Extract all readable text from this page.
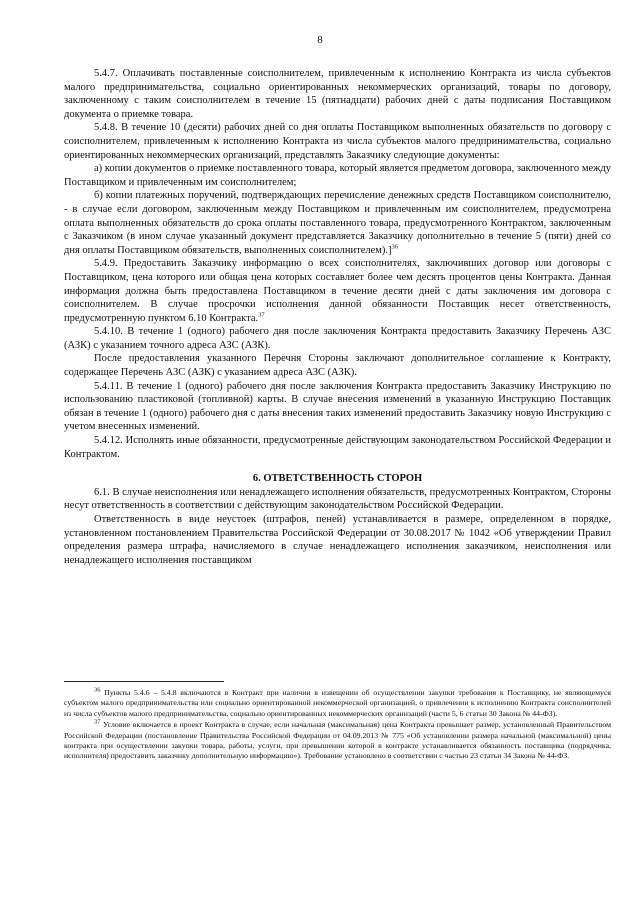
8

5.4.7. Оплачивать поставленные соисполнителем, привлеченным к исполнению Контракта из числа субъектов малого предпринимательства, социально ориентированных некоммерческих организаций, товары по договору, заключенному с таким соисполнителем в течение 15 (пятнадцати) рабочих дней с даты подписания Поставщиком документа о приемке товара.

5.4.8. В течение 10 (десяти) рабочих дней со дня оплаты Поставщиком выполненных обязательств по договору с соисполнителем, привлеченным к исполнению Контракта из числа субъектов малого предпринимательства, социально ориентированных некоммерческих организаций, представлять Заказчику следующие документы:

а) копии документов о приемке поставленного товара, который является предметом договора, заключенного между Поставщиком и привлеченным им соисполнителем;

б) копии платежных поручений, подтверждающих перечисление денежных средств Поставщиком соисполнителю, - в случае если договором, заключенным между Поставщиком и привлеченным им соисполнителем, предусмотрена оплата выполненных обязательств до срока оплаты поставленного товара, предусмотренного Контрактом, заключенным с Заказчиком (в ином случае указанный документ представляется Заказчику дополнительно в течение 5 (пяти) дней со дня оплаты Поставщиком обязательств, выполненных соисполнителем).]$^{36}$

5.4.9. Предоставить Заказчику информацию о всех соисполнителях, заключивших договор или договоры с Поставщиком, цена которого или общая цена которых составляет более чем десять процентов цены Контракта. Данная информация должна быть предоставлена Поставщиком в течение десяти дней с даты заключения им договора с соисполнителем. В случае просрочки исполнения данной обязанности Поставщик несет ответственность, предусмотренную пунктом 6.10 Контракта.$^{37}$

5.4.10. В течение 1 (одного) рабочего дня после заключения Контракта предоставить Заказчику Перечень АЗС (АЗК) с указанием точного адреса АЗС (АЗК).

После предоставления указанного Перечня Стороны заключают дополнительное соглашение к Контракту, содержащее Перечень АЗС (АЗК) с указанием адреса АЗС (АЗК).

5.4.11. В течение 1 (одного) рабочего дня после заключения Контракта предоставить Заказчику Инструкцию по использованию пластиковой (топливной) карты. В случае внесения изменений в указанную Инструкцию Поставщик обязан в течение 1 (одного) рабочего дня с даты внесения таких изменений предоставить Заказчику новую Инструкцию с учетом внесенных изменений.

5.4.12. Исполнять иные обязанности, предусмотренные действующим законодательством Российской Федерации и Контрактом.

6. ОТВЕТСТВЕННОСТЬ СТОРОН

6.1. В случае неисполнения или ненадлежащего исполнения обязательств, предусмотренных Контрактом, Стороны несут ответственность в соответствии с действующим законодательством Российской Федерации.

Ответственность в виде неустоек (штрафов, пеней) устанавливается в размере, определенном в порядке, установленном постановлением Правительства Российской Федерации от 30.08.2017 № 1042 «Об утверждении Правил определения размера штрафа, начисляемого в случае ненадлежащего исполнения заказчиком, неисполнения или ненадлежащего исполнения поставщиком

$^{36}$ Пункты 5.4.6 – 5.4.8 включаются в Контракт при наличии в извещении об осуществлении закупки требования к Поставщику, не являющемуся субъектом малого предпринимательства или социально ориентированной некоммерческой организацией, о привлечении к исполнению Контракта соисполнителей из числа субъектов малого предпринимательства, социально ориентированных некоммерческих организаций (части 5, 6 статьи 30 Закона № 44-ФЗ).

$^{37}$ Условие включается в проект Контракта в случае, если начальная (максимальная) цена Контракта превышает размер, установленный Правительством Российской Федерации (постановление Правительства Российской Федерации от 04.09.2013 № 775 «Об установлении размера начальной (максимальной) цены контракта при осуществлении закупки товара, работы, услуги, при превышении которой в контракте устанавливается обязанность поставщика (подрядчика, исполнителя) предоставить заказчику дополнительную информацию»). Требование установлено в соответствии с частью 23 статьи 34 Закона № 44-ФЗ.
